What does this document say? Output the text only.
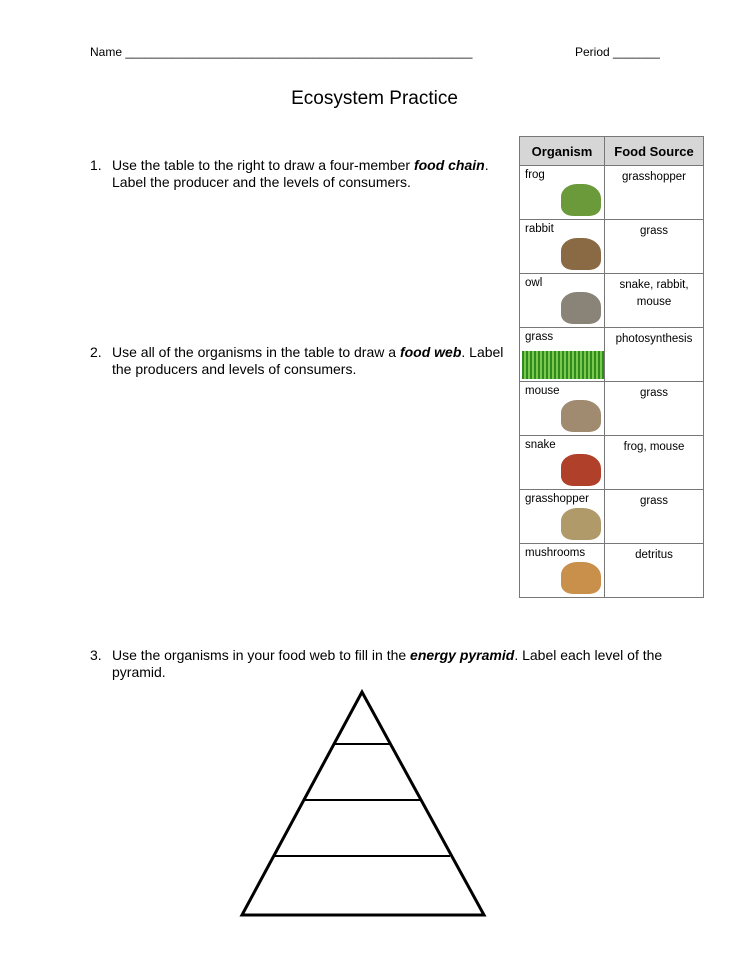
Name ____________________________________________________	Period _______
Ecosystem Practice
1. Use the table to the right to draw a four-member food chain. Label the producer and the levels of consumers.
2. Use all of the organisms in the table to draw a food web. Label the producers and levels of consumers.
3. Use the organisms in your food web to fill in the energy pyramid. Label each level of the pyramid.
Organism	Food Source
frog	grasshopper
rabbit	grass
owl	snake, rabbit, mouse
grass	photosynthesis
mouse	grass
snake	frog, mouse
grasshopper	grass
mushrooms	detritus
